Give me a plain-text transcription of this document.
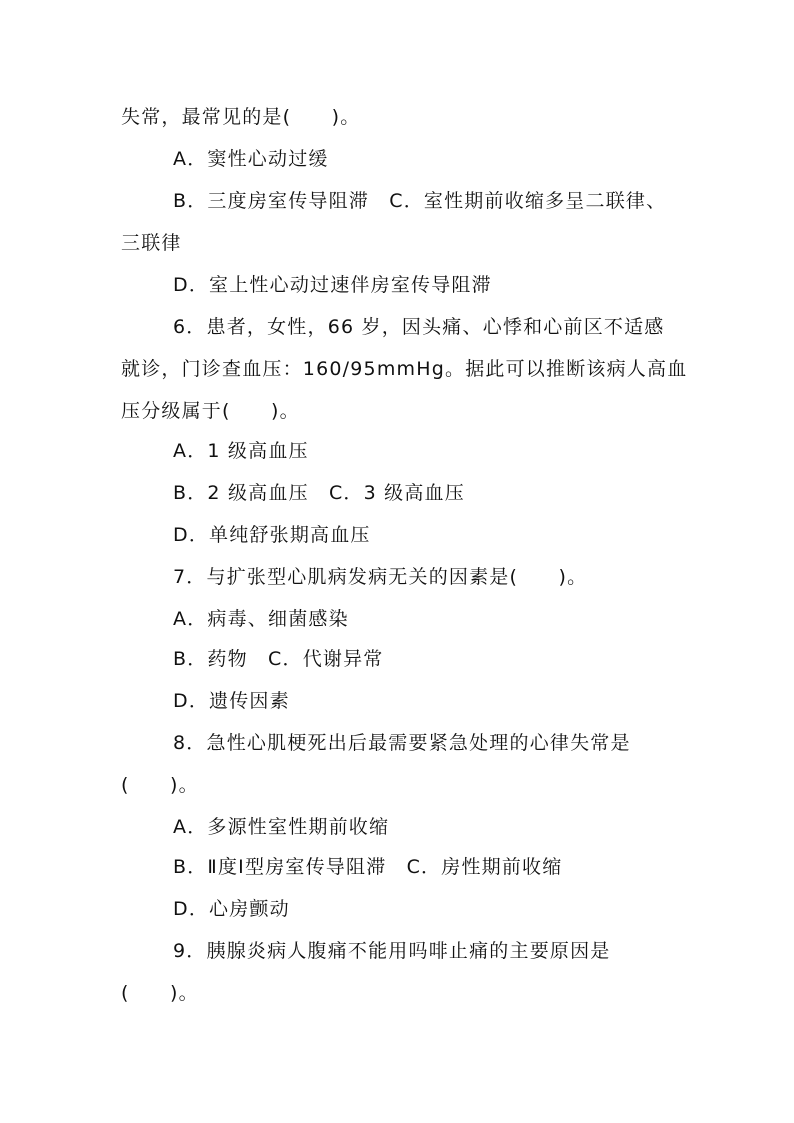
失常，最常见的是(　　)。
A．窦性心动过缓
B．三度房室传导阻滞　C．室性期前收缩多呈二联律、
三联律
D．室上性心动过速伴房室传导阻滞
6．患者，女性，66 岁，因头痛、心悸和心前区不适感
就诊，门诊查血压：160/95mmHg。据此可以推断该病人高血
压分级属于(　　)。
A．1 级高血压
B．2 级高血压　C．3 级高血压
D．单纯舒张期高血压
7．与扩张型心肌病发病无关的因素是(　　)。
A．病毒、细菌感染
B．药物　C．代谢异常
D．遗传因素
8．急性心肌梗死出后最需要紧急处理的心律失常是
(　　)。
A．多源性室性期前收缩
B．Ⅱ度Ⅰ型房室传导阻滞　C．房性期前收缩
D．心房颤动
9．胰腺炎病人腹痛不能用吗啡止痛的主要原因是
(　　)。
